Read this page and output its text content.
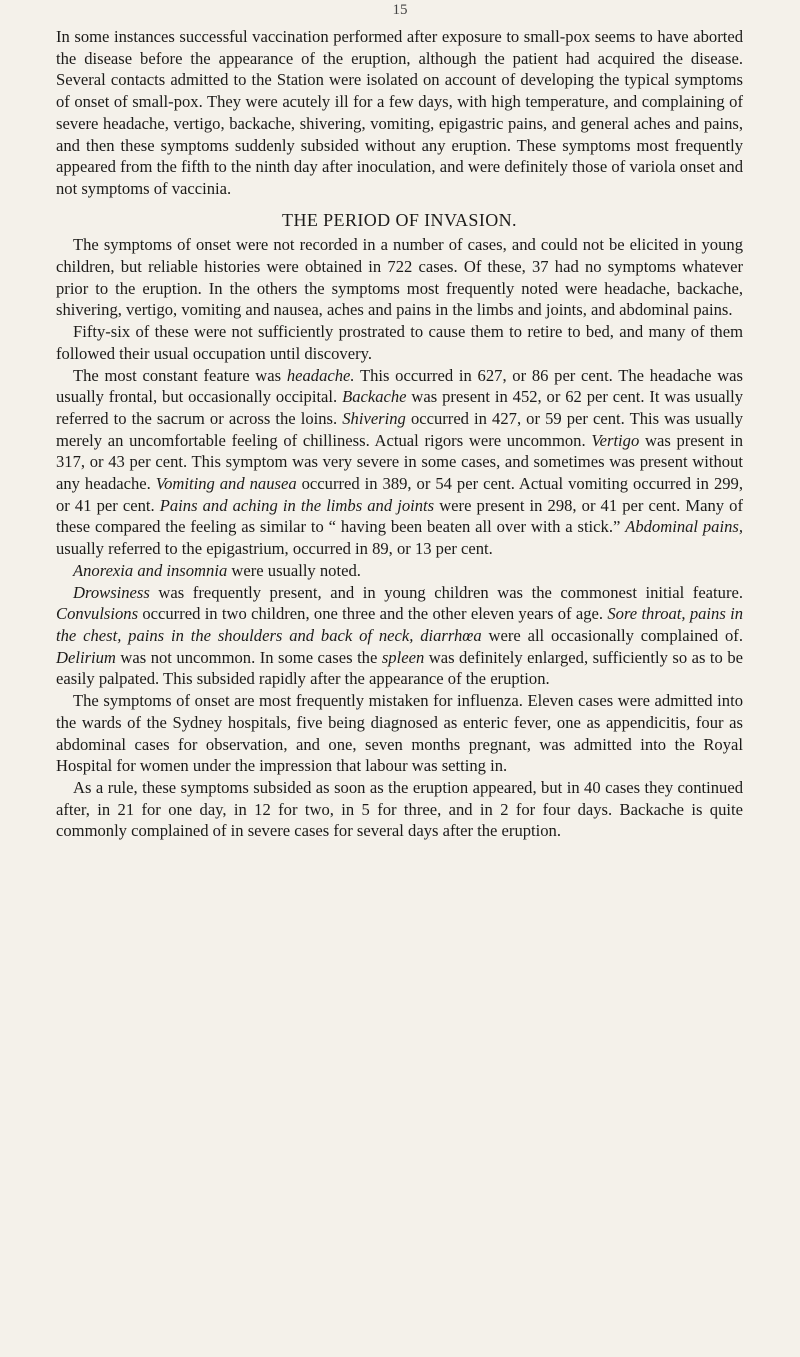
15

In some instances successful vaccination performed after exposure to small-pox seems to have aborted the disease before the appearance of the eruption, although the patient had acquired the disease. Several contacts admitted to the Station were isolated on account of developing the typical symptoms of onset of small-pox. They were acutely ill for a few days, with high temperature, and complaining of severe headache, vertigo, backache, shivering, vomiting, epigastric pains, and general aches and pains, and then these symptoms suddenly subsided without any eruption. These symptoms most frequently appeared from the fifth to the ninth day after inoculation, and were definitely those of variola onset and not symptoms of vaccinia.

THE PERIOD OF INVASION.

The symptoms of onset were not recorded in a number of cases, and could not be elicited in young children, but reliable histories were obtained in 722 cases. Of these, 37 had no symptoms whatever prior to the eruption. In the others the symptoms most frequently noted were headache, backache, shivering, vertigo, vomiting and nausea, aches and pains in the limbs and joints, and abdominal pains.

Fifty-six of these were not sufficiently prostrated to cause them to retire to bed, and many of them followed their usual occupation until discovery.

The most constant feature was headache. This occurred in 627, or 86 per cent. The headache was usually frontal, but occasionally occipital. Backache was present in 452, or 62 per cent. It was usually referred to the sacrum or across the loins. Shivering occurred in 427, or 59 per cent. This was usually merely an uncomfortable feeling of chilliness. Actual rigors were uncommon. Vertigo was present in 317, or 43 per cent. This symptom was very severe in some cases, and sometimes was present without any headache. Vomiting and nausea occurred in 389, or 54 per cent. Actual vomiting occurred in 299, or 41 per cent. Pains and aching in the limbs and joints were present in 298, or 41 per cent. Many of these compared the feeling as similar to “ having been beaten all over with a stick.” Abdominal pains, usually referred to the epigastrium, occurred in 89, or 13 per cent.

Anorexia and insomnia were usually noted.

Drowsiness was frequently present, and in young children was the commonest initial feature. Convulsions occurred in two children, one three and the other eleven years of age. Sore throat, pains in the chest, pains in the shoulders and back of neck, diarrhœa were all occasionally complained of. Delirium was not uncommon. In some cases the spleen was definitely enlarged, sufficiently so as to be easily palpated. This subsided rapidly after the appearance of the eruption.

The symptoms of onset are most frequently mistaken for influenza. Eleven cases were admitted into the wards of the Sydney hospitals, five being diagnosed as enteric fever, one as appendicitis, four as abdominal cases for observation, and one, seven months pregnant, was admitted into the Royal Hospital for women under the impression that labour was setting in.

As a rule, these symptoms subsided as soon as the eruption appeared, but in 40 cases they continued after, in 21 for one day, in 12 for two, in 5 for three, and in 2 for four days. Backache is quite commonly complained of in severe cases for several days after the eruption.
